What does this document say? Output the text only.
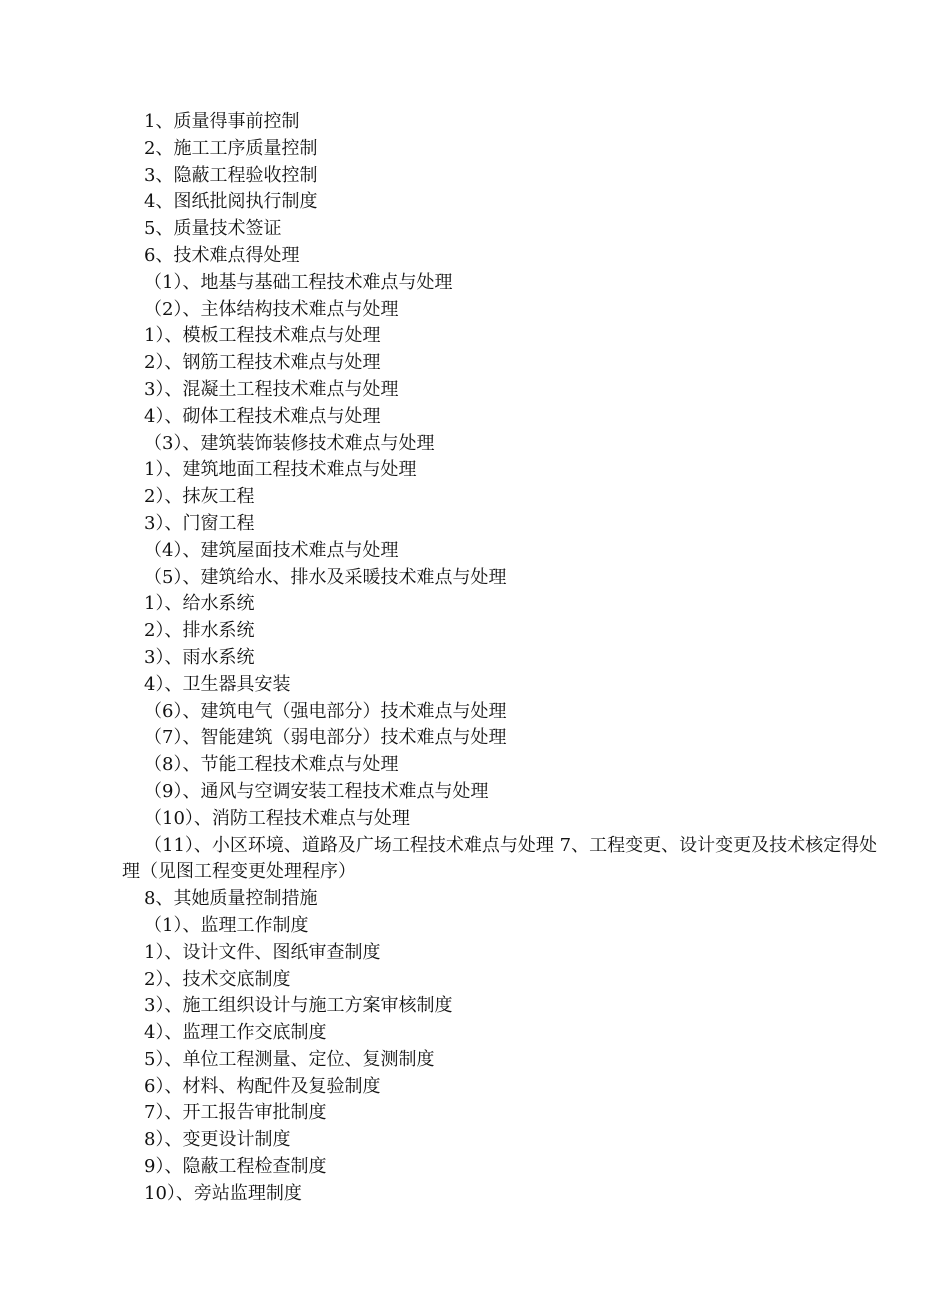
1、质量得事前控制
2、施工工序质量控制
3、隐蔽工程验收控制
4、图纸批阅执行制度
5、质量技术签证
6、技术难点得处理
（1）、地基与基础工程技术难点与处理
（2）、主体结构技术难点与处理
1）、模板工程技术难点与处理
2）、钢筋工程技术难点与处理
3）、混凝土工程技术难点与处理
4）、砌体工程技术难点与处理
（3）、建筑装饰装修技术难点与处理
1）、建筑地面工程技术难点与处理
2）、抹灰工程
3）、门窗工程
（4）、建筑屋面技术难点与处理
（5）、建筑给水、排水及采暖技术难点与处理
1）、给水系统
2）、排水系统
3）、雨水系统
4）、卫生器具安装
（6）、建筑电气（强电部分）技术难点与处理
（7）、智能建筑（弱电部分）技术难点与处理
（8）、节能工程技术难点与处理
（9）、通风与空调安装工程技术难点与处理
（10）、消防工程技术难点与处理
（11）、小区环境、道路及广场工程技术难点与处理 7、工程变更、设计变更及技术核定得处理（见图工程变更处理程序）
8、其她质量控制措施
（1）、监理工作制度
1）、设计文件、图纸审查制度
2）、技术交底制度
3）、施工组织设计与施工方案审核制度
4）、监理工作交底制度
5）、单位工程测量、定位、复测制度
6）、材料、构配件及复验制度
7）、开工报告审批制度
8）、变更设计制度
9）、隐蔽工程检查制度
10）、旁站监理制度
